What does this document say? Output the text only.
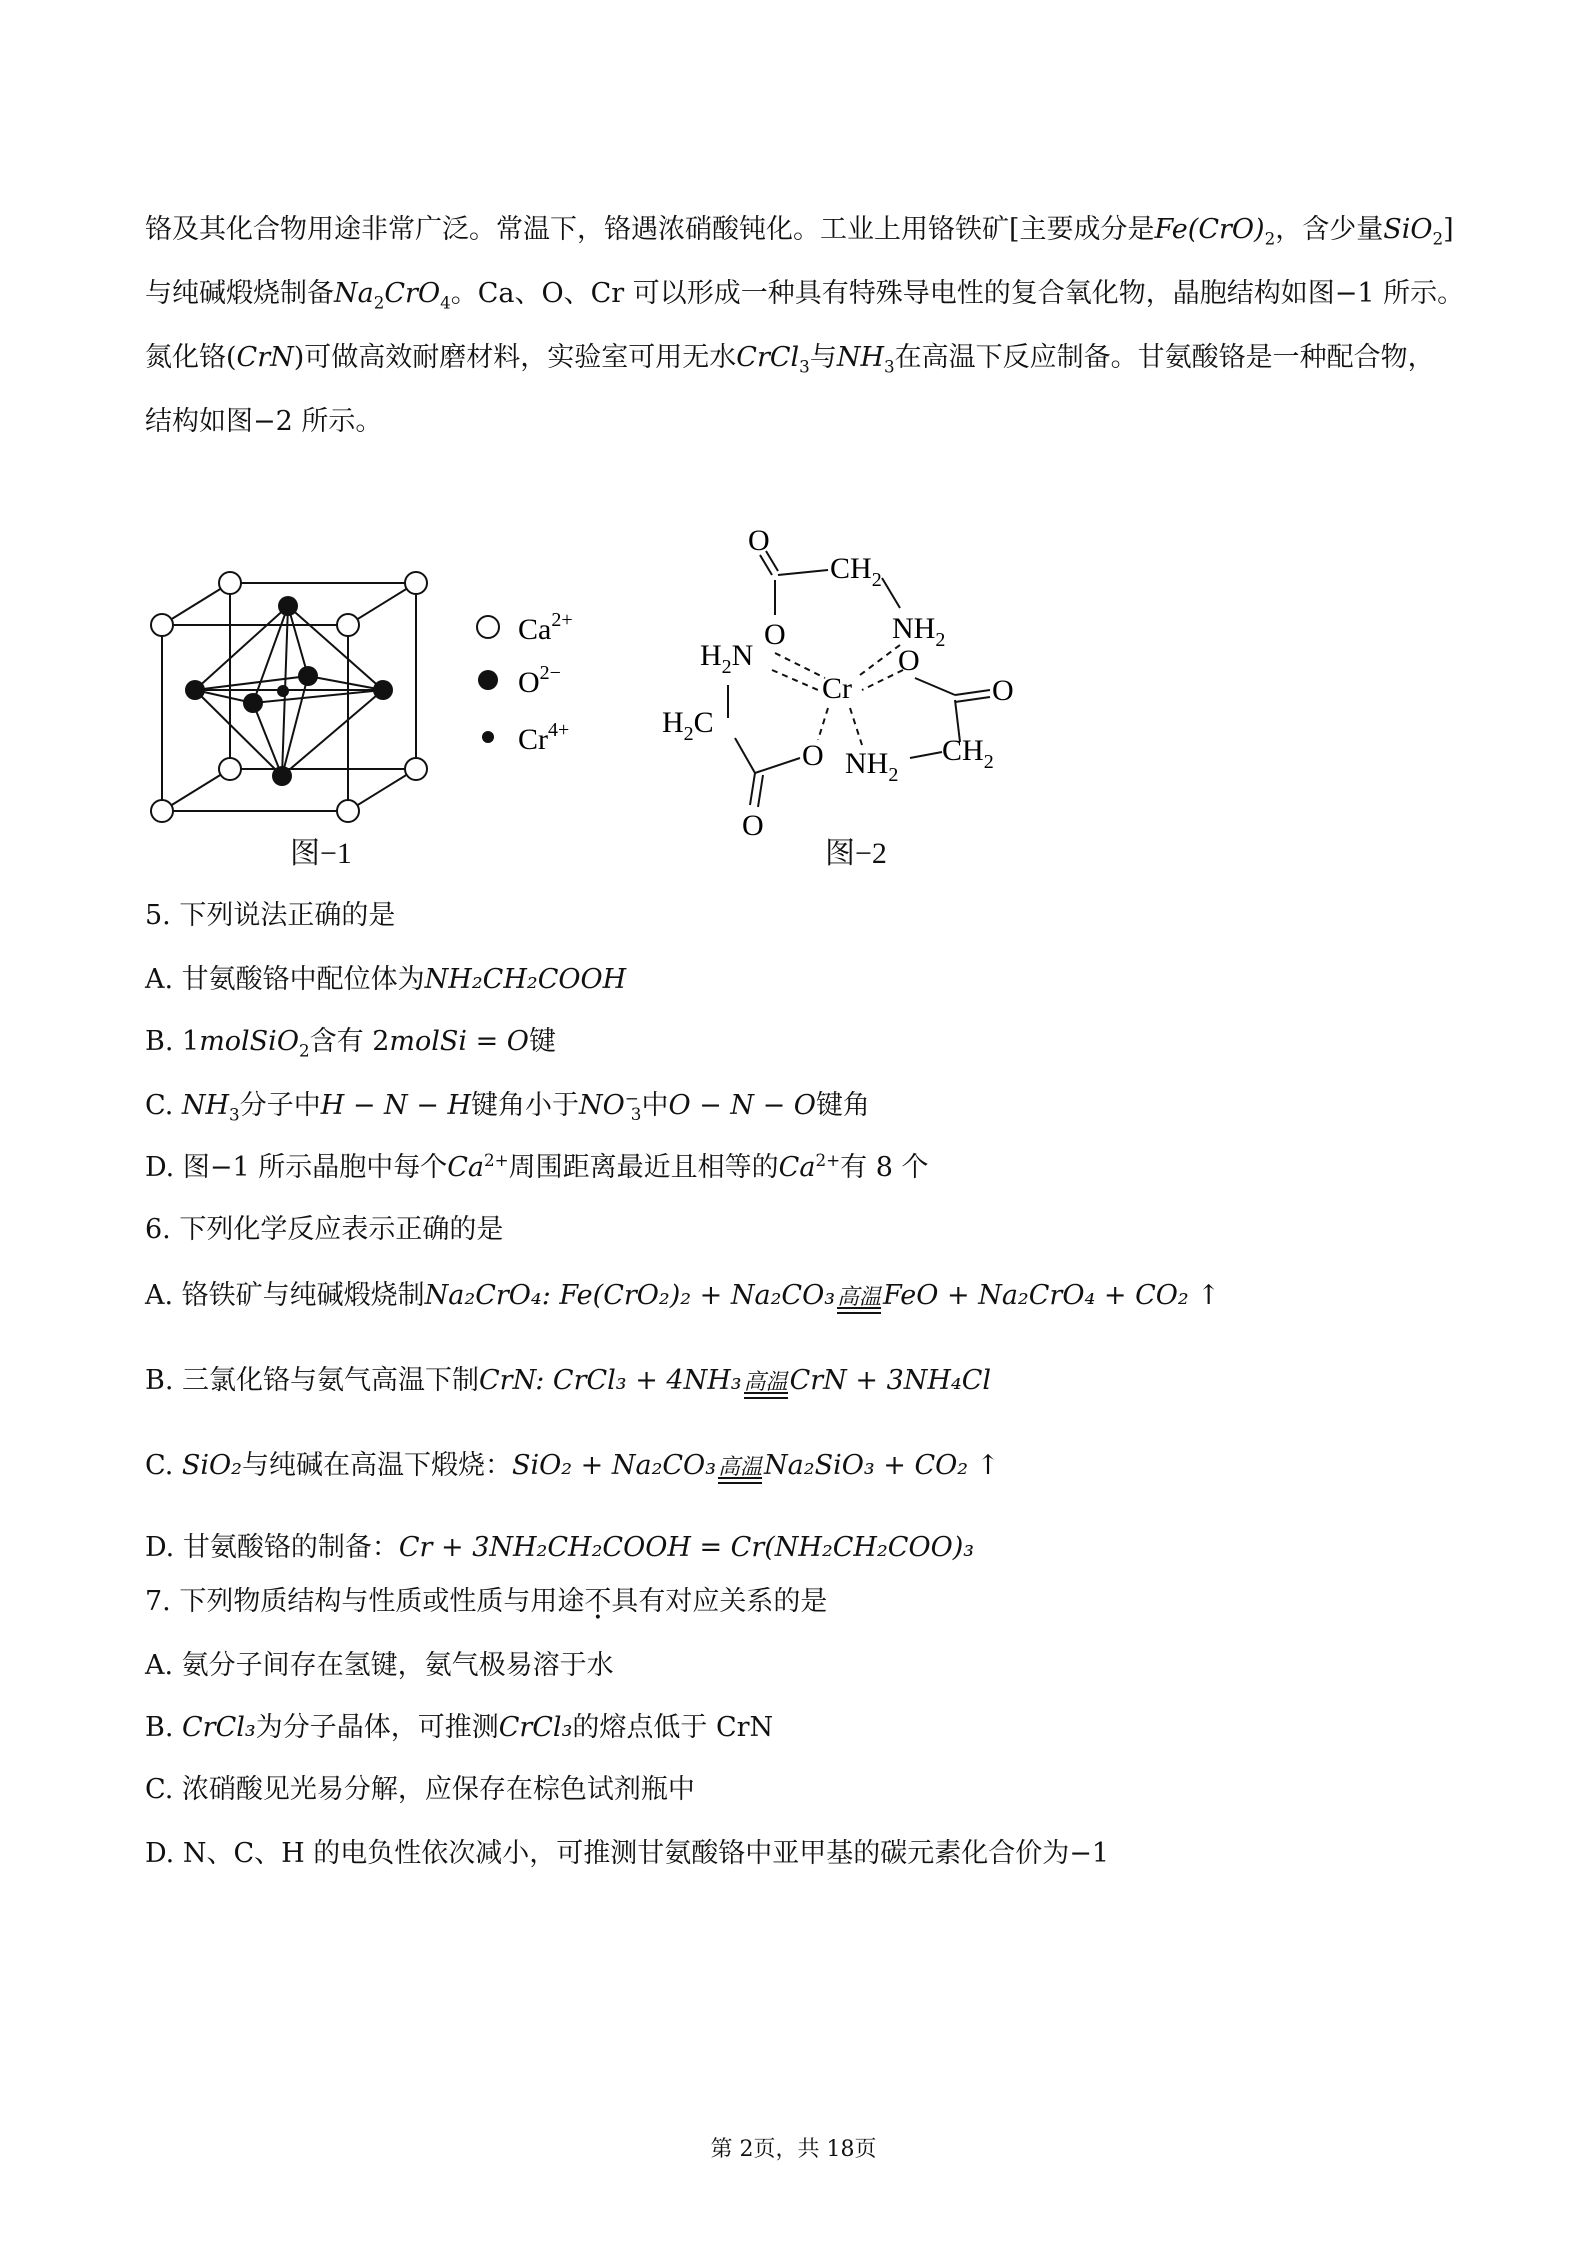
铬及其化合物用途非常广泛。常温下，铬遇浓硝酸钝化。工业上用铬铁矿[主要成分是$Fe(CrO)_2$，含少量SiO$_2$]

与纯碱煅烧制备$Na_2CrO_4$。Ca、O、Cr 可以形成一种具有特殊导电性的复合氧化物，晶胞结构如图−1 所示。

氮化铬(CrN)可做高效耐磨材料，实验室可用无水CrCl$_3$与$NH_3$在高温下反应制备。甘氨酸铬是一种配合物，

结构如图−2 所示。

$Ca^{2+}$
$O^{2-}$
$Cr^{4+}$
图−1
O
$CH_2$
O	$NH_2$
$H_2N$
Cr
O
O
$H_2C$
O $NH_2$
$CH_2$
O
图−2
5. 下列说法正确的是
A. 甘氨酸铬中配位体为NH₂CH₂COOH
B. 1molSiO$_2$含有 2molSi = O键
C. $NH_3$分子中H − N − H键角小于$NO^-_3$中O − N − O键角
D. 图−1 所示晶胞中每个$Ca^{2+}$周围距离最近且相等的$Ca^{2+}$有 8 个
6. 下列化学反应表示正确的是
A. 铬铁矿与纯碱煅烧制Na₂CrO₄: Fe(CrO₂)₂ + Na₂CO₃ 高温 FeO + Na₂CrO₄ + CO₂ ↑
B. 三氯化铬与氨气高温下制CrN: CrCl₃ + 4NH₃ 高温 CrN + 3NH₄Cl
C. SiO₂与纯碱在高温下煅烧：SiO₂ + Na₂CO₃ 高温 Na₂SiO₃ + CO₂ ↑
D. 甘氨酸铬的制备：Cr + 3NH₂CH₂COOH = Cr(NH₂CH₂COO)₃
7. 下列物质结构与性质或性质与用途不具有对应关系的是
A. 氨分子间存在氢键，氨气极易溶于水
B. CrCl₃为分子晶体，可推测CrCl₃的熔点低于 CrN
C. 浓硝酸见光易分解，应保存在棕色试剂瓶中
D. N、C、H 的电负性依次减小，可推测甘氨酸铬中亚甲基的碳元素化合价为−1
第 2页，共 18页
